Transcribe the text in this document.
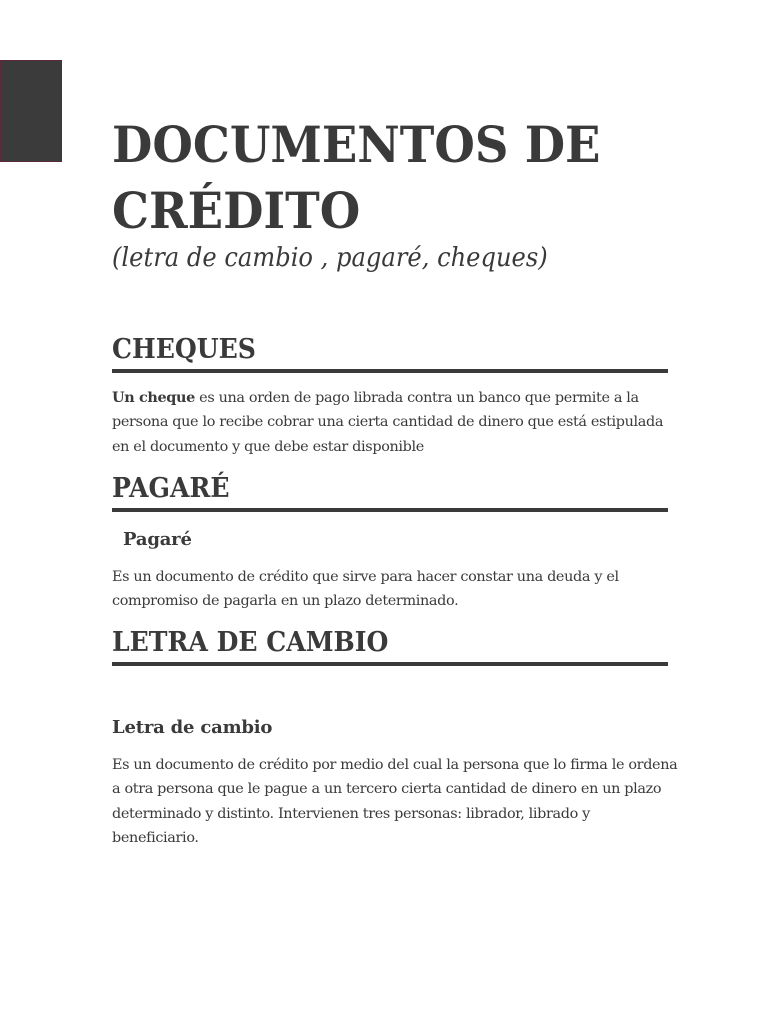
DOCUMENTOS DE
CRÉDITO

(letra de cambio , pagaré, cheques)

CHEQUES

Un cheque es una orden de pago librada contra un banco que permite a la persona que lo recibe cobrar una cierta cantidad de dinero que está estipulada en el documento y que debe estar disponible

PAGARÉ
Pagaré

Es un documento de crédito que sirve para hacer constar una deuda y el compromiso de pagarla en un plazo determinado.

LETRA DE CAMBIO
Letra de cambio

Es un documento de crédito por medio del cual la persona que lo firma le ordena a otra persona que le pague a un tercero cierta cantidad de dinero en un plazo determinado y distinto. Intervienen tres personas: librador, librado y beneficiario.
